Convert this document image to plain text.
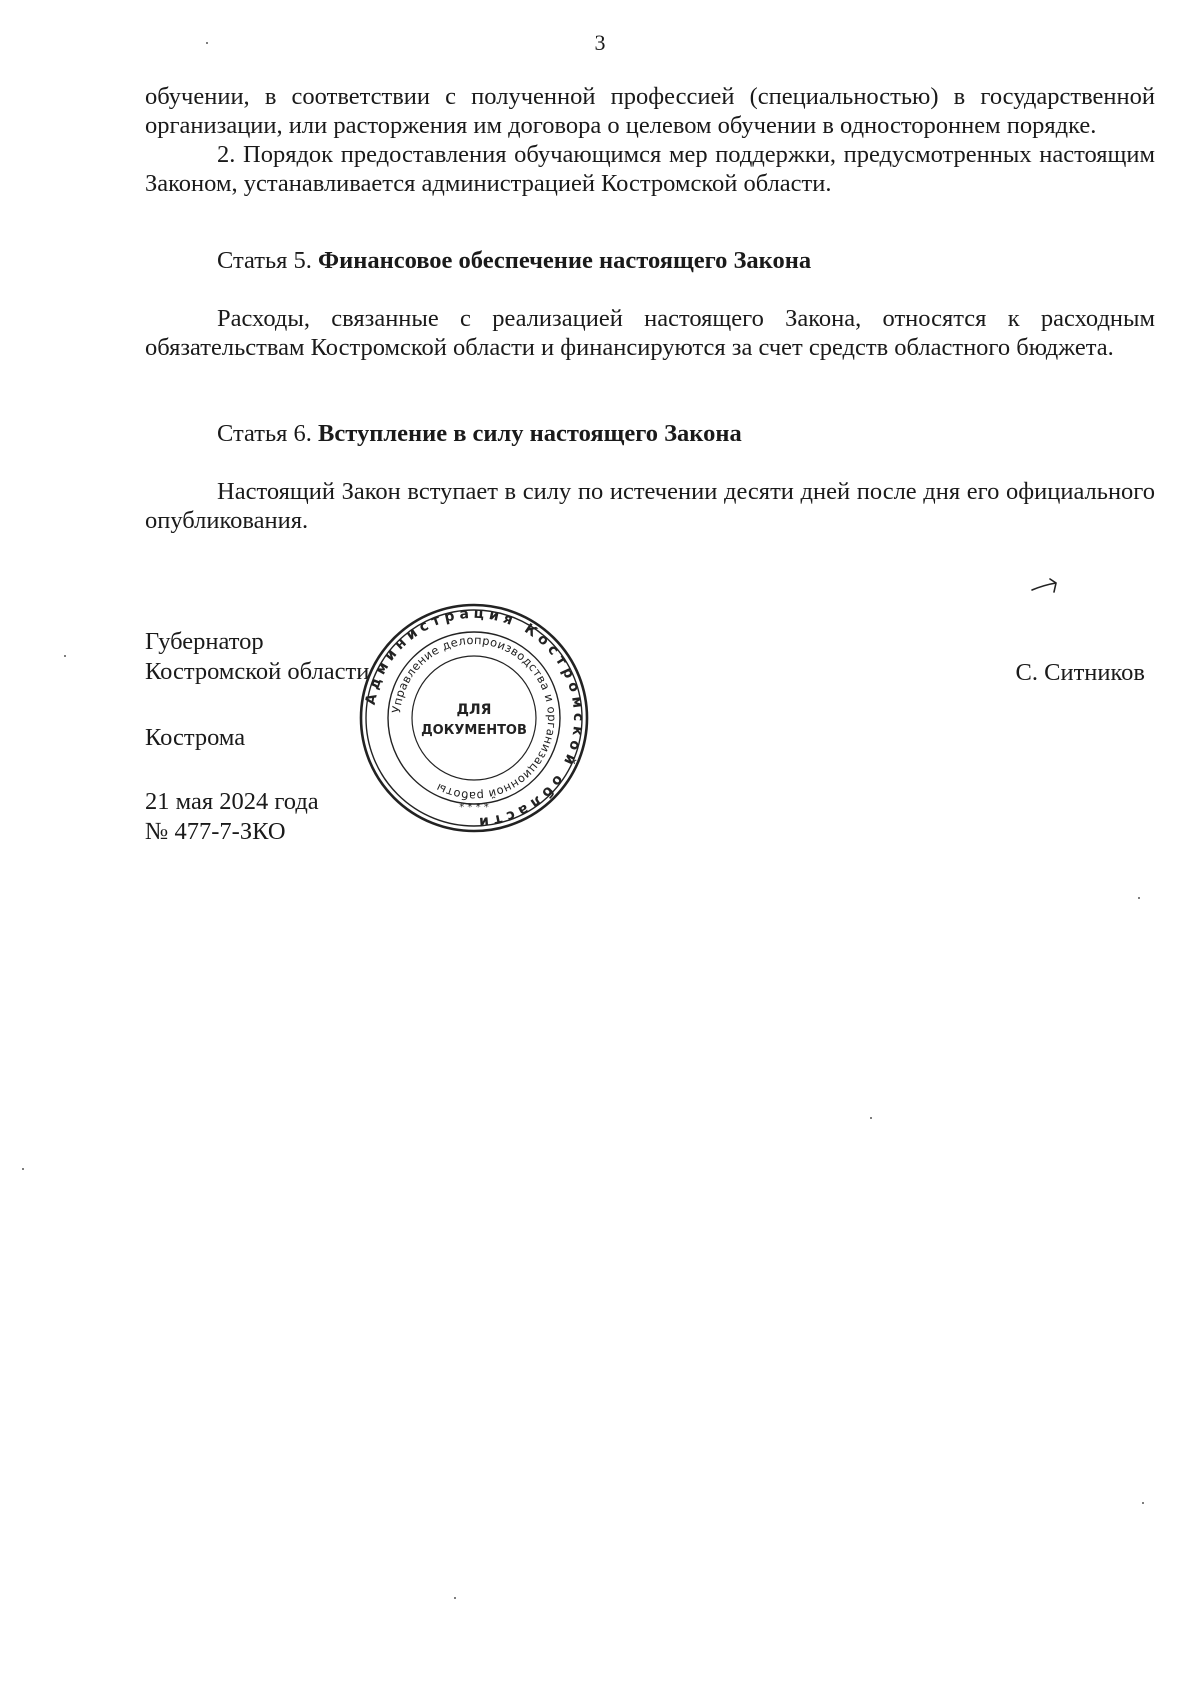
3

обучении, в соответствии с полученной профессией (специальностью) в государственной организации, или расторжения им договора о целевом обучении в одностороннем порядке.

2. Порядок предоставления обучающимся мер поддержки, предусмотренных настоящим Законом, устанавливается администрацией Костромской области.

Статья 5. Финансовое обеспечение настоящего Закона

Расходы, связанные с реализацией настоящего Закона, относятся к расходным обязательствам Костромской области и финансируются за счет средств областного бюджета.

Статья 6. Вступление в силу настоящего Закона

Настоящий Закон вступает в силу по истечении десяти дней после дня его официального опубликования.

Губернатор
Костромской области	С. Ситников
Кострома
21 мая 2024 года
№ 477-7-ЗКО
Администрация Костромской области
Управление делопроизводства и организационной работы
ДЛЯ
ДОКУМЕНТОВ
* * * *
